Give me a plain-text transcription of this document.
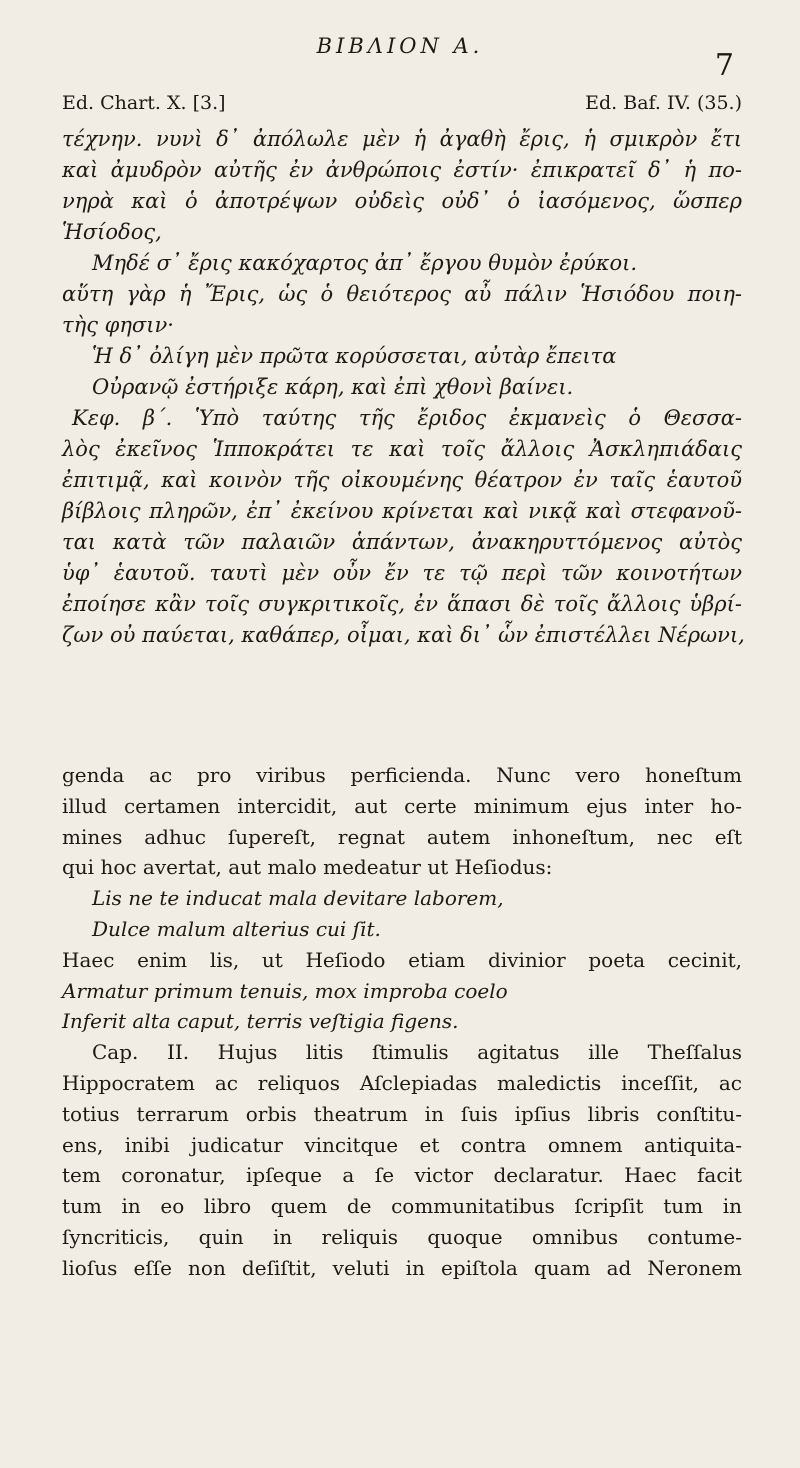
ΒΙΒΛΙΟΝ Α.
7
Ed. Chart. X. [3.]	Ed. Baf. IV. (35.)
τέχνην. νυνὶ δ᾽ ἀπόλωλε μὲν ἡ ἀγαθὴ ἔρις, ἡ σμικρὸν ἔτι
καὶ ἀμυδρὸν αὐτῆς ἐν ἀνθρώποις ἐστίν· ἐπικρατεῖ δ᾽ ἡ πο-
νηρὰ καὶ ὁ ἀποτρέψων οὐδεὶς οὐδ᾽ ὁ ἰασόμενος, ὥσπερ
Ἡσίοδος,
Μηδέ σ᾽ ἔρις κακόχαρτος ἀπ᾽ ἔργου θυμὸν ἐρύκοι.
αὕτη γὰρ ἡ Ἔρις, ὡς ὁ θειότερος αὖ πάλιν Ἡσιόδου ποιη-
τὴς φησιν·
Ἡ δ᾽ ὀλίγη μὲν πρῶτα κορύσσεται, αὐτὰρ ἔπειτα
Οὐρανῷ ἐστήριξε κάρη, καὶ ἐπὶ χθονὶ βαίνει.
Κεφ. β΄. Ὑπὸ ταύτης τῆς ἔριδος ἐκμανεὶς ὁ Θεσσα-
λὸς ἐκεῖνος Ἱπποκράτει τε καὶ τοῖς ἄλλοις Ἀσκληπιάδαις
ἐπιτιμᾷ, καὶ κοινὸν τῆς οἰκουμένης θέατρον ἐν ταῖς ἑαυτοῦ
βίβλοις πληρῶν, ἐπ᾽ ἐκείνου κρίνεται καὶ νικᾷ καὶ στεφανοῦ-
ται κατὰ τῶν παλαιῶν ἁπάντων, ἀνακηρυττόμενος αὐτὸς
ὑφ᾽ ἑαυτοῦ. ταυτὶ μὲν οὖν ἔν τε τῷ περὶ τῶν κοινοτήτων
ἐποίησε κἂν τοῖς συγκριτικοῖς, ἐν ἅπασι δὲ τοῖς ἄλλοις ὑβρί-
ζων οὐ παύεται, καθάπερ, οἶμαι, καὶ δι᾽ ὧν ἐπιστέλλει Νέρωνι,
genda ac pro viribus perficienda. Nunc vero honeſtum
illud certamen intercidit, aut certe minimum ejus inter ho-
mines adhuc ſupereſt, regnat autem inhoneſtum, nec eſt
qui hoc avertat, aut malo medeatur ut Heſiodus:
Lis ne te inducat mala devitare laborem,
Dulce malum alterius cui ſit.
Haec enim lis, ut Heſiodo etiam divinior poeta cecinit,
Armatur primum tenuis, mox improba coelo
Inferit alta caput, terris veſtigia figens.
Cap. II. Hujus litis ſtimulis agitatus ille Theſſalus
Hippocratem ac reliquos Aſclepiadas maledictis inceſſit, ac
totius terrarum orbis theatrum in ſuis ipſius libris conſtitu-
ens, inibi judicatur vincitque et contra omnem antiquita-
tem coronatur, ipſeque a ſe victor declaratur. Haec facit
tum in eo libro quem de communitatibus ſcripſit tum in
ſyncriticis, quin in reliquis quoque omnibus contume-
lioſus eſſe non deſiſtit, veluti in epiſtola quam ad Neronem
